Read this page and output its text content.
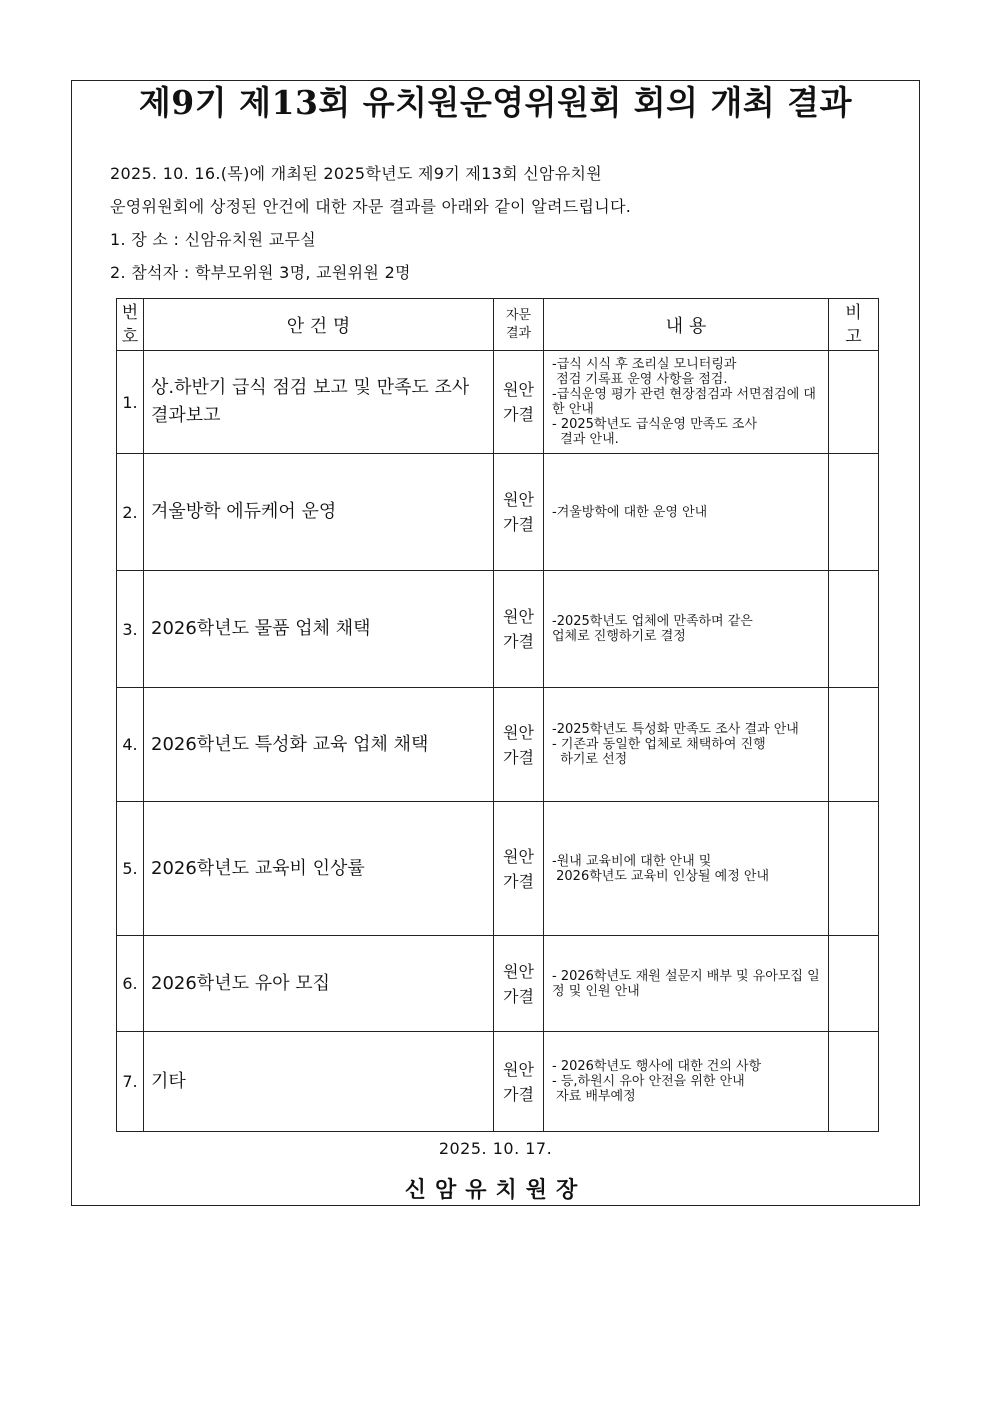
제9기 제13회 유치원운영위원회 회의 개최 결과
2025. 10. 16.(목)에 개최된 2025학년도 제9기 제13회 신암유치원
운영위원회에 상정된 안건에 대한 자문 결과를 아래와 같이 알려드립니다.
1. 장 소 : 신암유치원 교무실
2. 참석자 : 학부모위원 3명, 교원위원 2명
번호	안 건 명	자문결과	내 용	비고
1.	상.하반기 급식 점검 보고 및 만족도 조사 결과보고	원안가결	-급식 시식 후 조리실 모니터링과
점검 기록표 운영 사항을 점검.
-급식운영 평가 관련 현장점검과 서면점검에 대한 안내
- 2025학년도 급식운영 만족도 조사
결과 안내.	

2.	겨울방학 에듀케어 운영	원안가결	-겨울방학에 대한 운영 안내	

3.	2026학년도 물품 업체 채택	원안가결	-2025학년도 업체에 만족하며 같은
업체로 진행하기로 결정	

4.	2026학년도 특성화 교육 업체 채택	원안가결	-2025학년도 특성화 만족도 조사 결과 안내
- 기존과 동일한 업체로 채택하여 진행
하기로 선정	

5.	2026학년도 교육비 인상률	원안가결	-원내 교육비에 대한 안내 및
2026학년도 교육비 인상될 예정 안내	

6.	2026학년도 유아 모집	원안가결	- 2026학년도 재원 설문지 배부 및 유아모집 일정 및 인원 안내	

7.	기타	원안가결	- 2026학년도 행사에 대한 건의 사항
- 등,하원시 유아 안전을 위한 안내
자료 배부예정	

2025. 10. 17.
신암유치원장
